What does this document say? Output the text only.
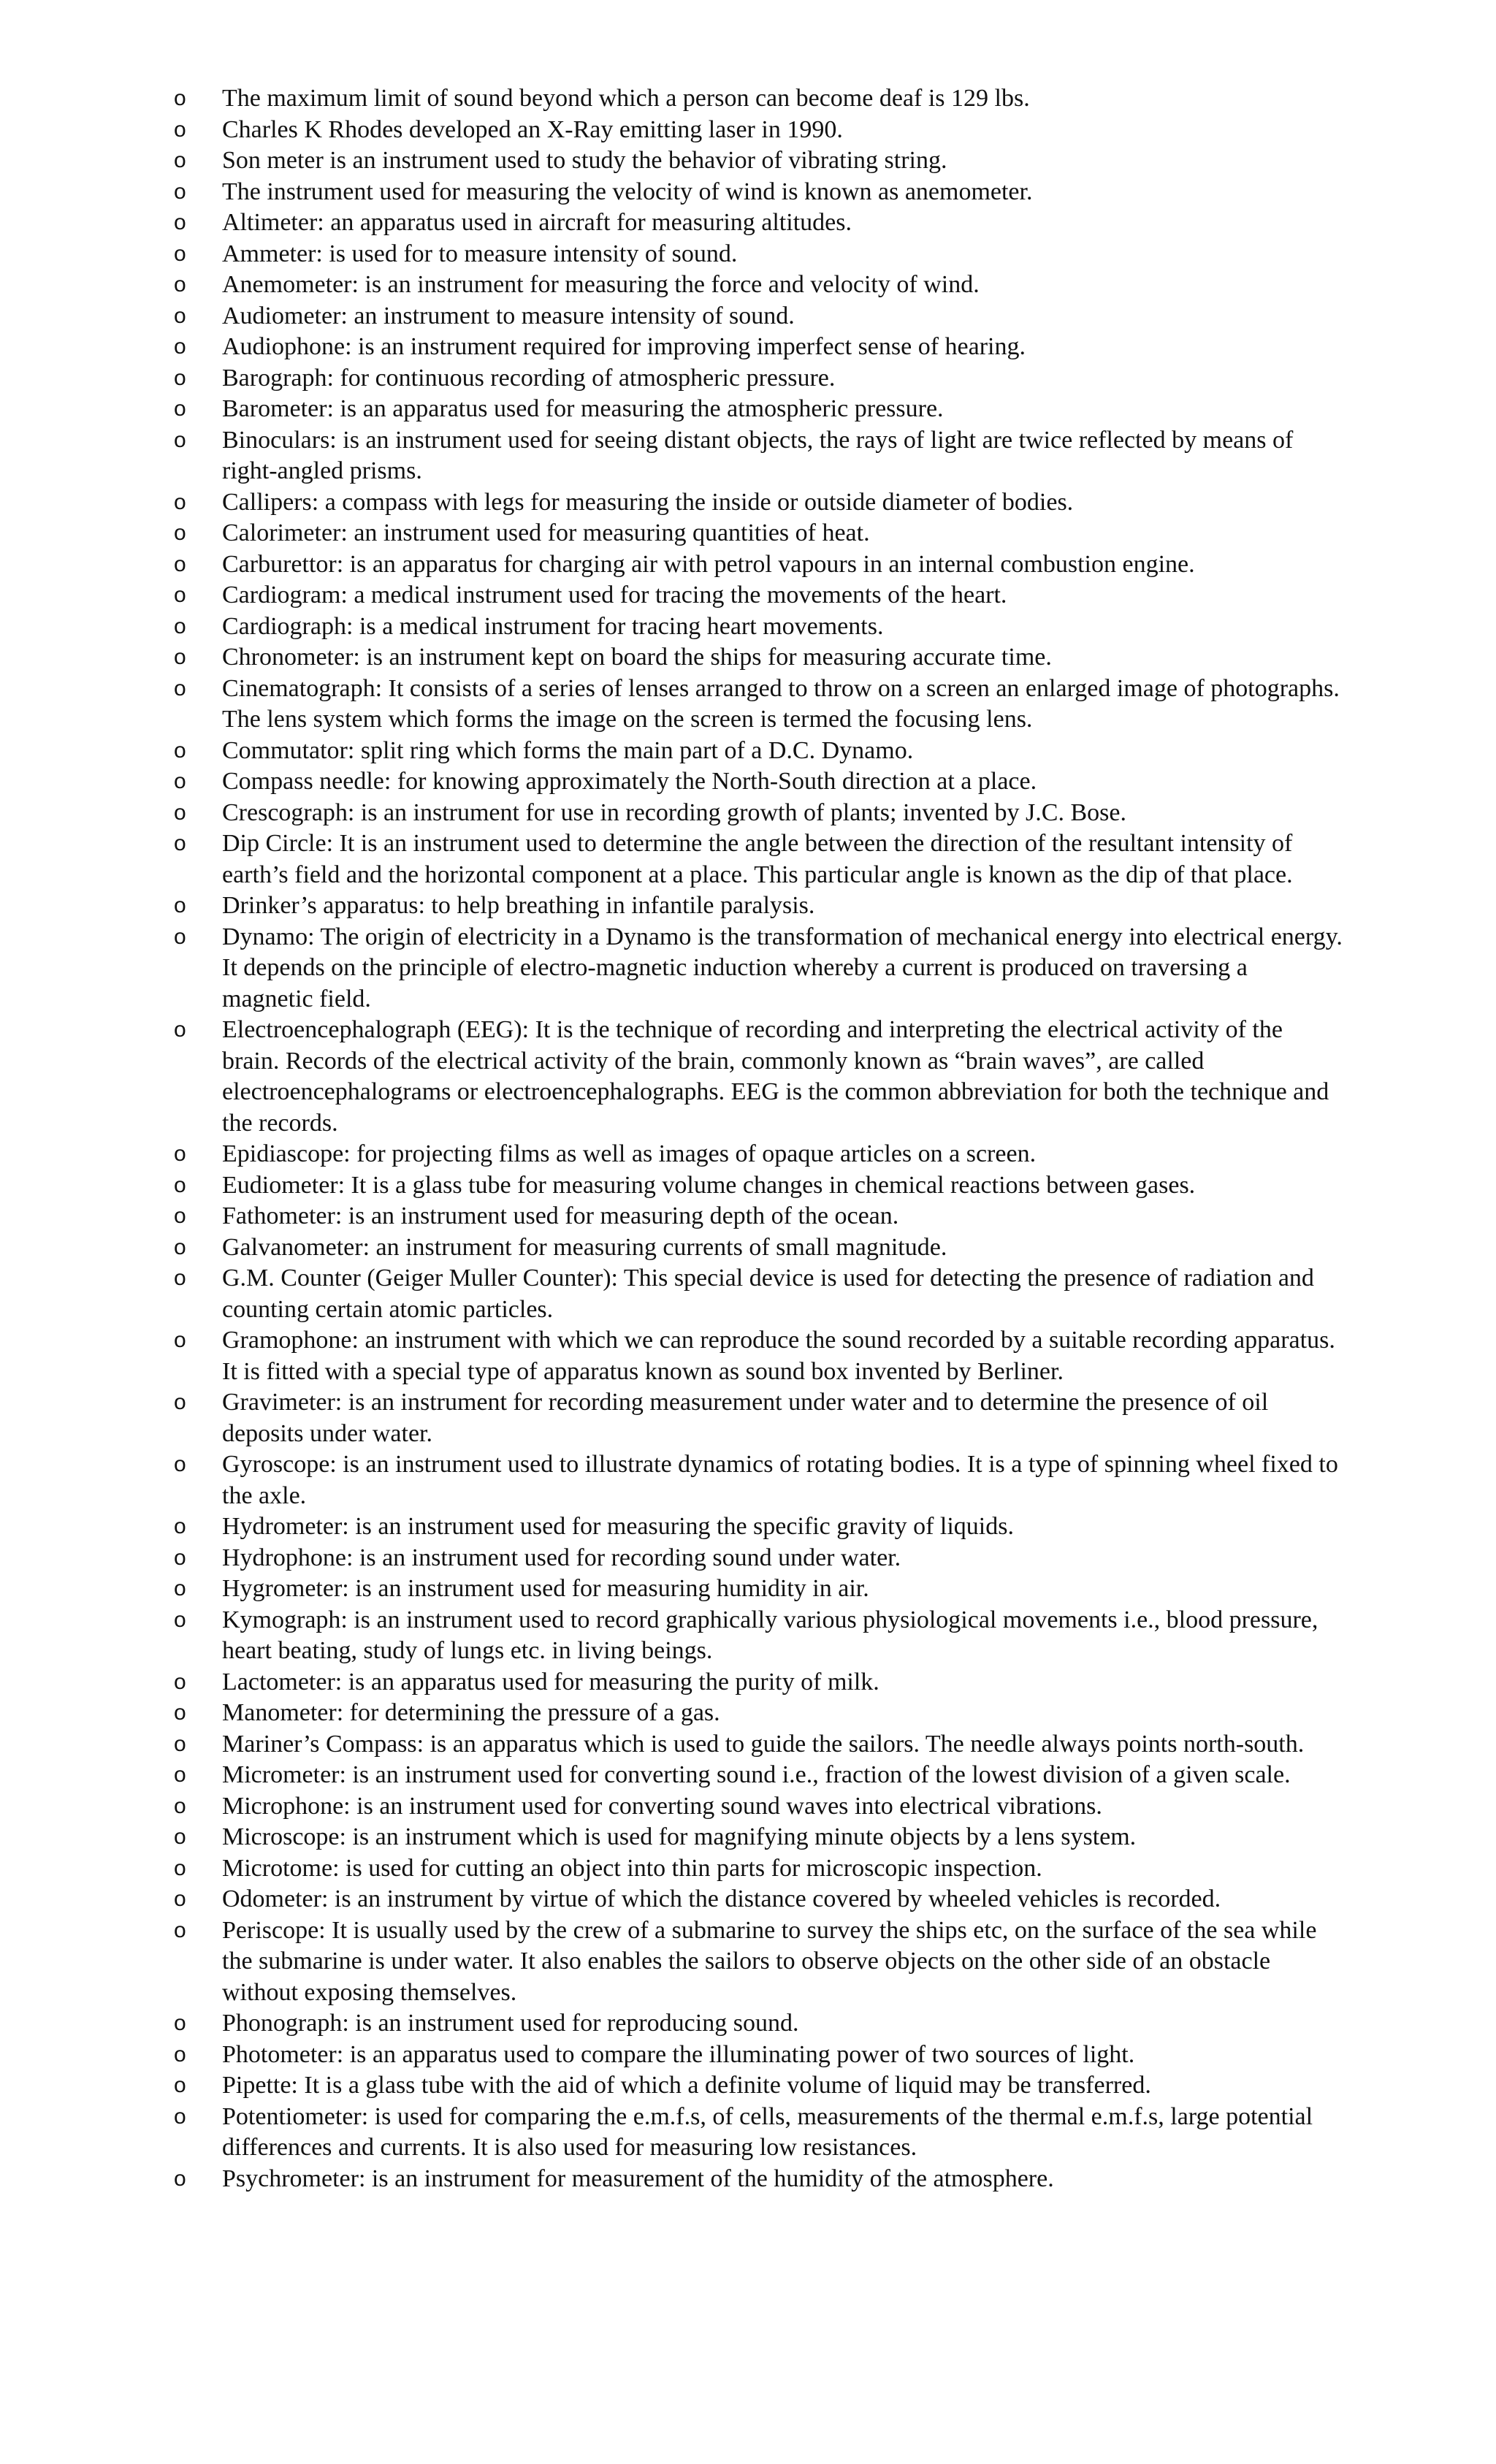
o	The maximum limit of sound beyond which a person can become deaf is 129 lbs.
o	Charles K Rhodes developed an X-Ray emitting laser in 1990.
o	Son meter is an instrument used to study the behavior of vibrating string.
o	The instrument used for measuring the velocity of wind is known as anemometer.
o	Altimeter: an apparatus used in aircraft for measuring altitudes.
o	Ammeter: is used for to measure intensity of sound.
o	Anemometer: is an instrument for measuring the force and velocity of wind.
o	Audiometer: an instrument to measure intensity of sound.
o	Audiophone: is an instrument required for improving imperfect sense of hearing.
o	Barograph: for continuous recording of atmospheric pressure.
o	Barometer: is an apparatus used for measuring the atmospheric pressure.
o	Binoculars: is an instrument used for seeing distant objects, the rays of light are twice reflected by means of right-angled prisms.
o	Callipers: a compass with legs for measuring the inside or outside diameter of bodies.
o	Calorimeter: an instrument used for measuring quantities of heat.
o	Carburettor: is an apparatus for charging air with petrol vapours in an internal combustion engine.
o	Cardiogram: a medical instrument used for tracing the movements of the heart.
o	Cardiograph: is a medical instrument for tracing heart movements.
o	Chronometer: is an instrument kept on board the ships for measuring accurate time.
o	Cinematograph: It consists of a series of lenses arranged to throw on a screen an enlarged image of photographs. The lens system which forms the image on the screen is termed the focusing lens.
o	Commutator: split ring which forms the main part of a D.C. Dynamo.
o	Compass needle: for knowing approximately the North-South direction at a place.
o	Crescograph: is an instrument for use in recording growth of plants; invented by J.C. Bose.
o	Dip Circle: It is an instrument used to determine the angle between the direction of the resultant intensity of earth’s field and the horizontal component at a place. This particular angle is known as the dip of that place.
o	Drinker’s apparatus: to help breathing in infantile paralysis.
o	Dynamo: The origin of electricity in a Dynamo is the transformation of mechanical energy into electrical energy. It depends on the principle of electro-magnetic induction whereby a current is produced on traversing a magnetic field.
o	Electroencephalograph (EEG): It is the technique of recording and interpreting the electrical activity of the brain. Records of the electrical activity of the brain, commonly known as “brain waves”, are called electroencephalograms or electroencephalographs. EEG is the common abbreviation for both the technique and the records.
o	Epidiascope: for projecting films as well as images of opaque articles on a screen.
o	Eudiometer: It is a glass tube for measuring volume changes in chemical reactions between gases.
o	Fathometer: is an instrument used for measuring depth of the ocean.
o	Galvanometer: an instrument for measuring currents of small magnitude.
o	G.M. Counter (Geiger Muller Counter): This special device is used for detecting the presence of radiation and counting certain atomic particles.
o	Gramophone: an instrument with which we can reproduce the sound recorded by a suitable recording apparatus. It is fitted with a special type of apparatus known as sound box invented by Berliner.
o	Gravimeter: is an instrument for recording measurement under water and to determine the presence of oil deposits under water.
o	Gyroscope: is an instrument used to illustrate dynamics of rotating bodies. It is a type of spinning wheel fixed to the axle.
o	Hydrometer: is an instrument used for measuring the specific gravity of liquids.
o	Hydrophone: is an instrument used for recording sound under water.
o	Hygrometer: is an instrument used for measuring humidity in air.
o	Kymograph: is an instrument used to record graphically various physiological movements i.e., blood pressure, heart beating, study of lungs etc. in living beings.
o	Lactometer: is an apparatus used for measuring the purity of milk.
o	Manometer: for determining the pressure of a gas.
o	Mariner’s Compass: is an apparatus which is used to guide the sailors. The needle always points north-south.
o	Micrometer: is an instrument used for converting sound i.e., fraction of the lowest division of a given scale.
o	Microphone: is an instrument used for converting sound waves into electrical vibrations.
o	Microscope: is an instrument which is used for magnifying minute objects by a lens system.
o	Microtome: is used for cutting an object into thin parts for microscopic inspection.
o	Odometer: is an instrument by virtue of which the distance covered by wheeled vehicles is recorded.
o	Periscope: It is usually used by the crew of a submarine to survey the ships etc, on the surface of the sea while the submarine is under water. It also enables the sailors to observe objects on the other side of an obstacle without exposing themselves.
o	Phonograph: is an instrument used for reproducing sound.
o	Photometer: is an apparatus used to compare the illuminating power of two sources of light.
o	Pipette: It is a glass tube with the aid of which a definite volume of liquid may be transferred.
o	Potentiometer: is used for comparing the e.m.f.s, of cells, measurements of the thermal e.m.f.s, large potential differences and currents. It is also used for measuring low resistances.
o	Psychrometer: is an instrument for measurement of the humidity of the atmosphere.
